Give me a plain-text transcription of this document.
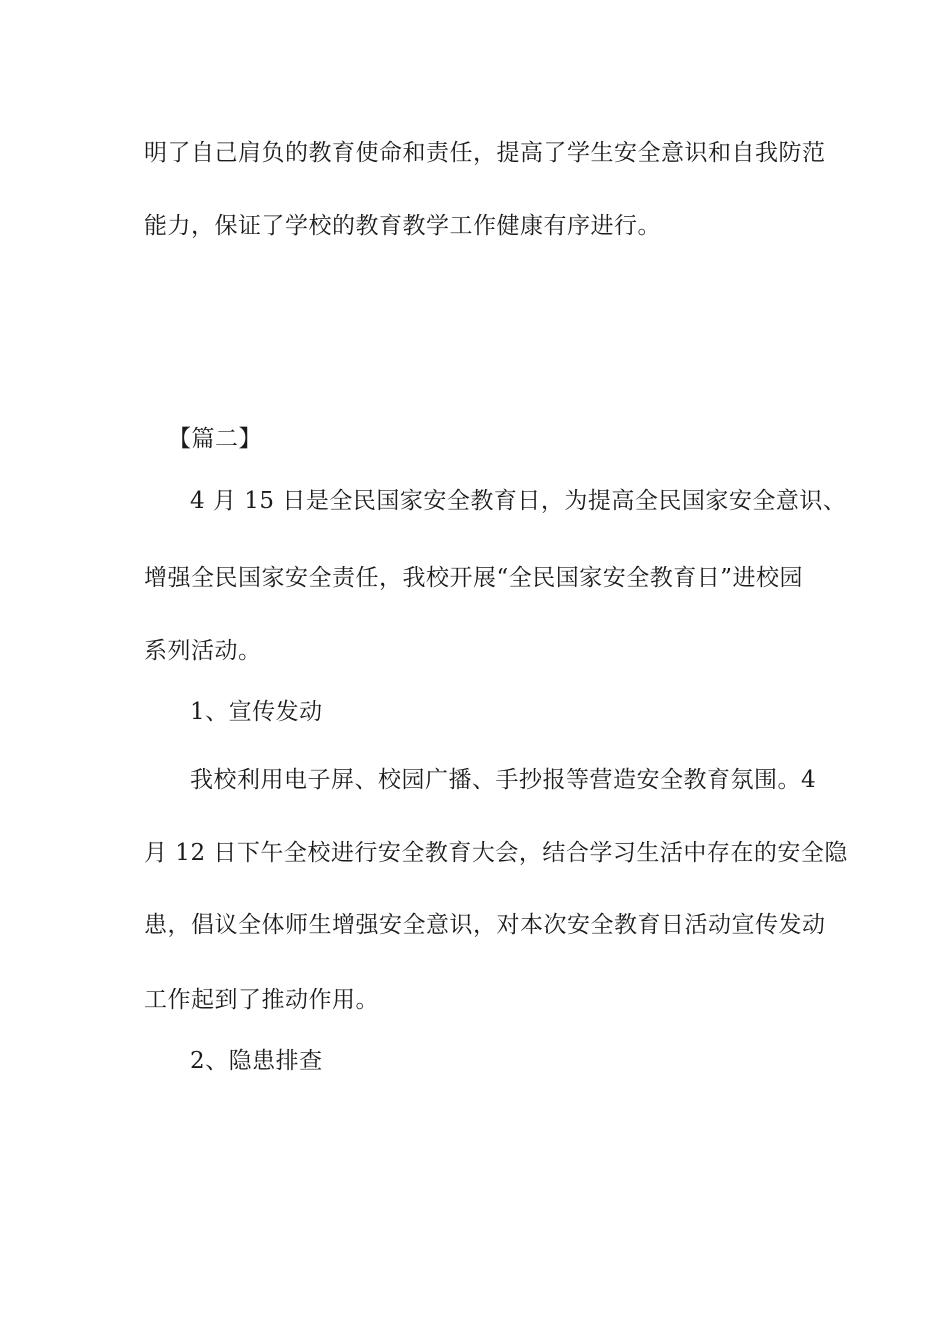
明了自己肩负的教育使命和责任，提高了学生安全意识和自我防范
能力，保证了学校的教育教学工作健康有序进行。
【篇二】
4 月 15 日是全民国家安全教育日，为提高全民国家安全意识、
增强全民国家安全责任，我校开展“全民国家安全教育日”进校园
系列活动。
1、宣传发动
我校利用电子屏、校园广播、手抄报等营造安全教育氛围。4
月 12 日下午全校进行安全教育大会，结合学习生活中存在的安全隐
患，倡议全体师生增强安全意识，对本次安全教育日活动宣传发动
工作起到了推动作用。
2、隐患排查
